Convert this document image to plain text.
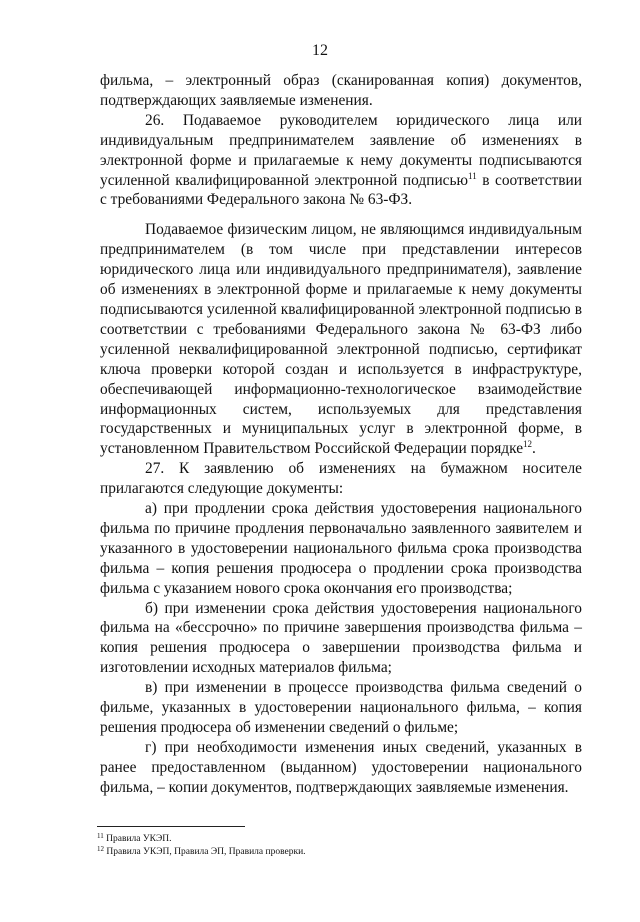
12

фильма, – электронный образ (сканированная копия) документов, подтверждающих заявляемые изменения.

26. Подаваемое руководителем юридического лица или индивидуальным предпринимателем заявление об изменениях в электронной форме и прилагаемые к нему документы подписываются усиленной квалифицированной электронной подписью$^{11}$ в соответствии с требованиями Федерального закона № 63-ФЗ.

Подаваемое физическим лицом, не являющимся индивидуальным предпринимателем (в том числе при представлении интересов юридического лица или индивидуального предпринимателя), заявление об изменениях в электронной форме и прилагаемые к нему документы подписываются усиленной квалифицированной электронной подписью в соответствии с требованиями Федерального закона № 63-ФЗ либо усиленной неквалифицированной электронной подписью, сертификат ключа проверки которой создан и используется в инфраструктуре, обеспечивающей информационно-технологическое взаимодействие информационных систем, используемых для представления государственных и муниципальных услуг в электронной форме, в установленном Правительством Российской Федерации порядке$^{12}$.

27. К заявлению об изменениях на бумажном носителе прилагаются следующие документы:

а) при продлении срока действия удостоверения национального фильма по причине продления первоначально заявленного заявителем и указанного в удостоверении национального фильма срока производства фильма – копия решения продюсера о продлении срока производства фильма с указанием нового срока окончания его производства;

б) при изменении срока действия удостоверения национального фильма на «бессрочно» по причине завершения производства фильма – копия решения продюсера о завершении производства фильма и изготовлении исходных материалов фильма;

в) при изменении в процессе производства фильма сведений о фильме, указанных в удостоверении национального фильма, – копия решения продюсера об изменении сведений о фильме;

г) при необходимости изменения иных сведений, указанных в ранее предоставленном (выданном) удостоверении национального фильма, – копии документов, подтверждающих заявляемые изменения.

$^{11}$ Правила УКЭП.
$^{12}$ Правила УКЭП, Правила ЭП, Правила проверки.
